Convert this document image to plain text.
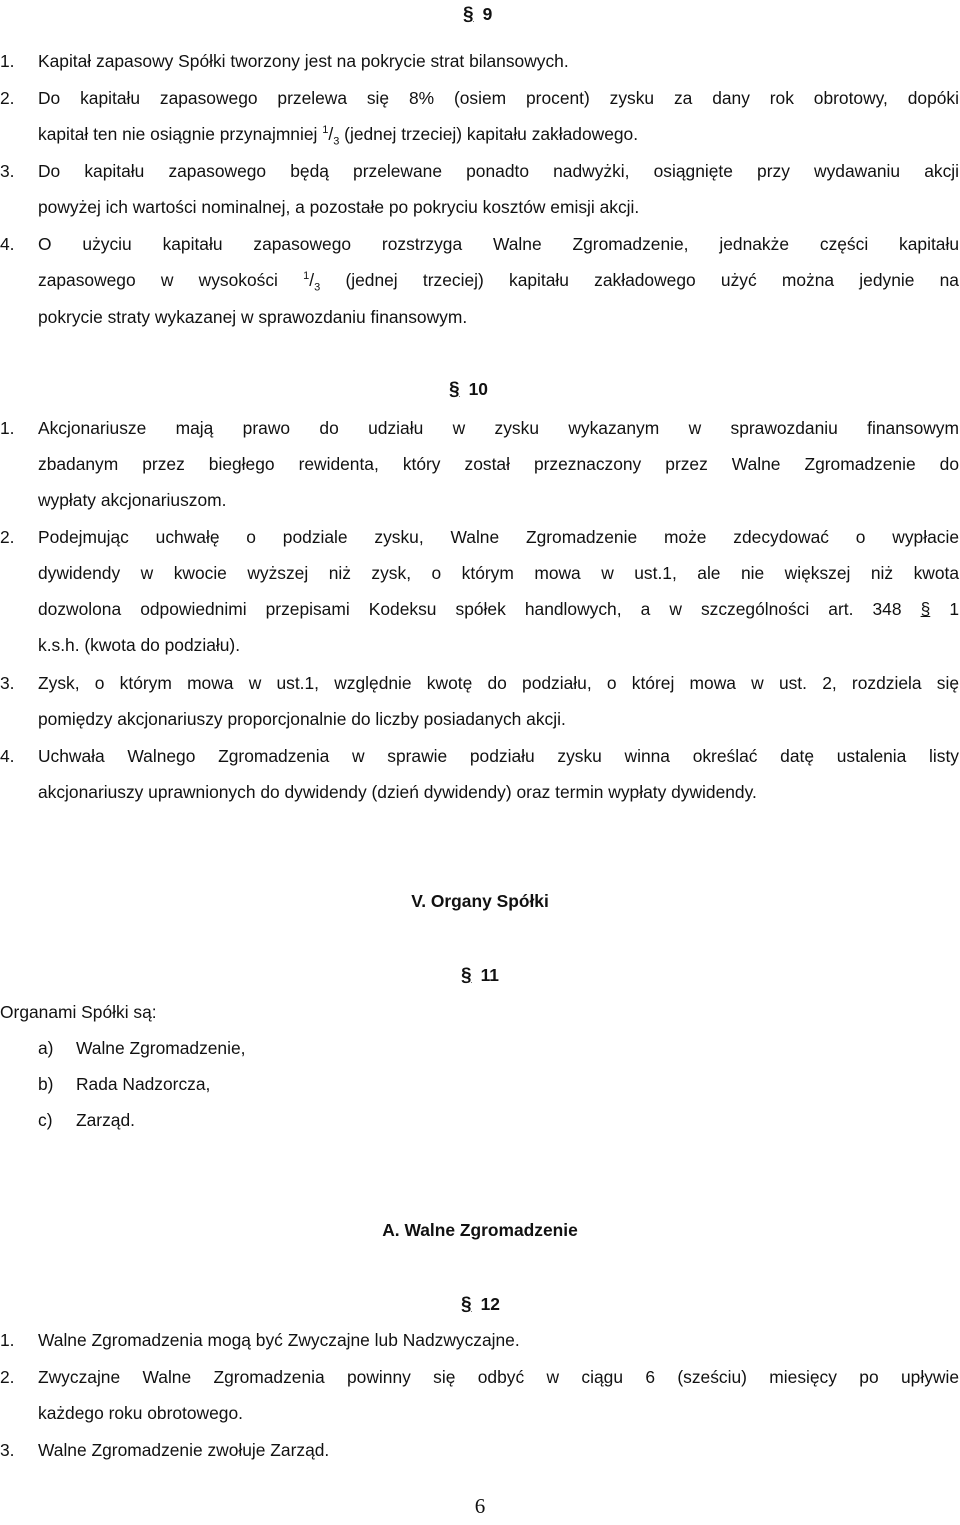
§ 9
1.	Kapitał zapasowy Spółki tworzony jest na pokrycie strat bilansowych.
2.	Do kapitału zapasowego przelewa się 8% (osiem procent) zysku za dany rok obrotowy, dopóki
kapitał ten nie osiągnie przynajmniej $^1/_3$ (jednej trzeciej) kapitału zakładowego.
3.	Do kapitału zapasowego będą przelewane ponadto nadwyżki, osiągnięte przy wydawaniu akcji
powyżej ich wartości nominalnej, a pozostałe po pokryciu kosztów emisji akcji.
4.	O użyciu kapitału zapasowego rozstrzyga Walne Zgromadzenie, jednakże części kapitału
zapasowego w wysokości $^1/_3$ (jednej trzeciej) kapitału zakładowego użyć można jedynie na
pokrycie straty wykazanej w sprawozdaniu finansowym.
§ 10
1.	Akcjonariusze mają prawo do udziału w zysku wykazanym w sprawozdaniu finansowym
zbadanym przez biegłego rewidenta, który został przeznaczony przez Walne Zgromadzenie do
wypłaty akcjonariuszom.
2.	Podejmując uchwałę o podziale zysku, Walne Zgromadzenie może zdecydować o wypłacie
dywidendy w kwocie wyższej niż zysk, o którym mowa w ust.1, ale nie większej niż kwota
dozwolona odpowiednimi przepisami Kodeksu spółek handlowych, a w szczególności art. 348 § 1
k.s.h. (kwota do podziału).
3.	Zysk, o którym mowa w ust.1, względnie kwotę do podziału, o której mowa w ust. 2, rozdziela się
pomiędzy akcjonariuszy proporcjonalnie do liczby posiadanych akcji.
4.	Uchwała Walnego Zgromadzenia w sprawie podziału zysku winna określać datę ustalenia listy
akcjonariuszy uprawnionych do dywidendy (dzień dywidendy) oraz termin wypłaty dywidendy.
V. Organy Spółki
§ 11
Organami Spółki są:
a)	Walne Zgromadzenie,
b)	Rada Nadzorcza,
c)	Zarząd.
A. Walne Zgromadzenie
§ 12
1.	Walne Zgromadzenia mogą być Zwyczajne lub Nadzwyczajne.
2.	Zwyczajne Walne Zgromadzenia powinny się odbyć w ciągu 6 (sześciu) miesięcy po upływie
każdego roku obrotowego.
3.	Walne Zgromadzenie zwołuje Zarząd.
6
